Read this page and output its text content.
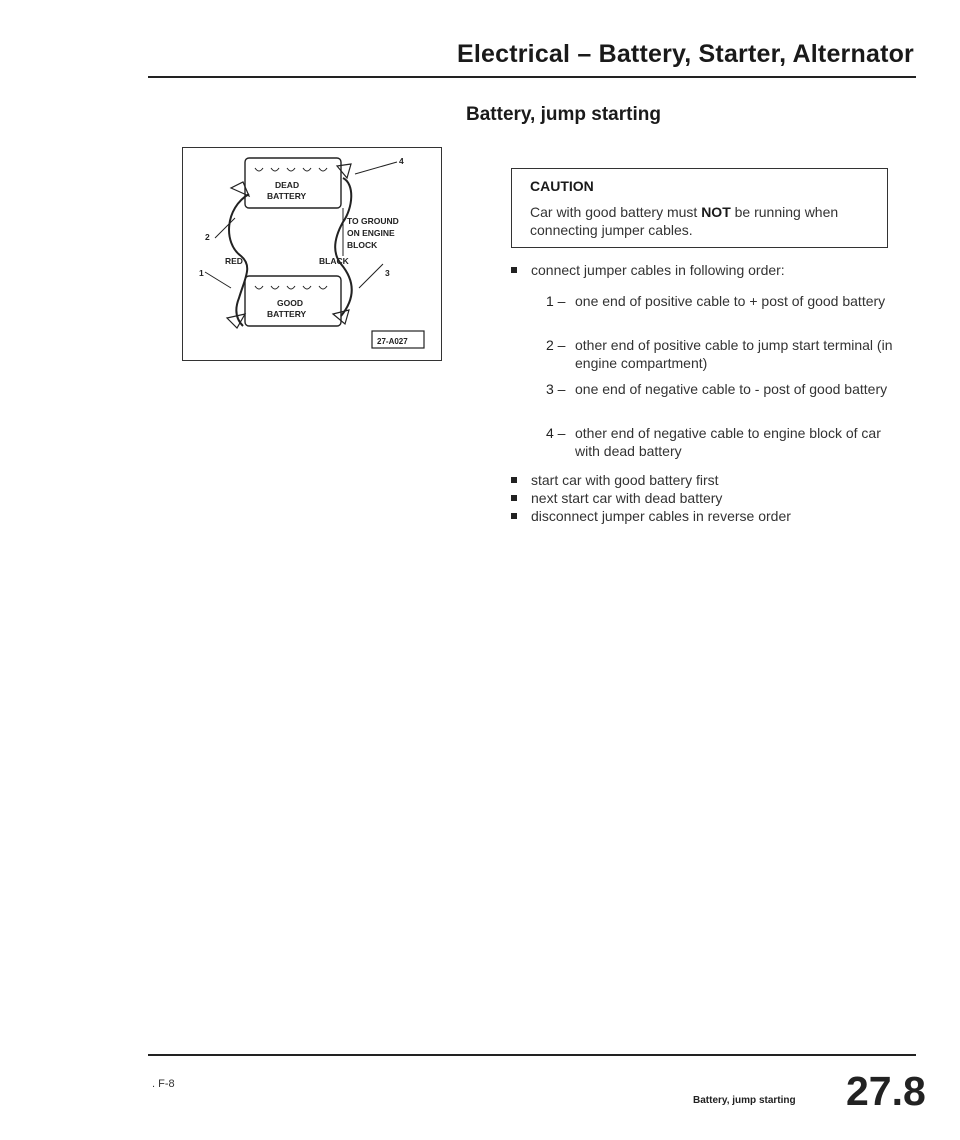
Electrical – Battery, Starter, Alternator
Battery, jump starting
DEAD
BATTERY
GOOD
BATTERY
TO GROUND
ON ENGINE
BLOCK
RED	BLACK
1
2
3
4
27-A027
CAUTION
Car with good battery must NOT be running when connecting jumper cables.
connect jumper cables in following order:
1 – one end of positive cable to + post of good battery
2 – other end of positive cable to jump start terminal (in engine compartment)
3 – one end of negative cable to - post of good battery
4 – other end of negative cable to engine block of car with dead battery
start car with good battery first
next start car with dead battery
disconnect jumper cables in reverse order
. F-8
Battery, jump starting 27.8
